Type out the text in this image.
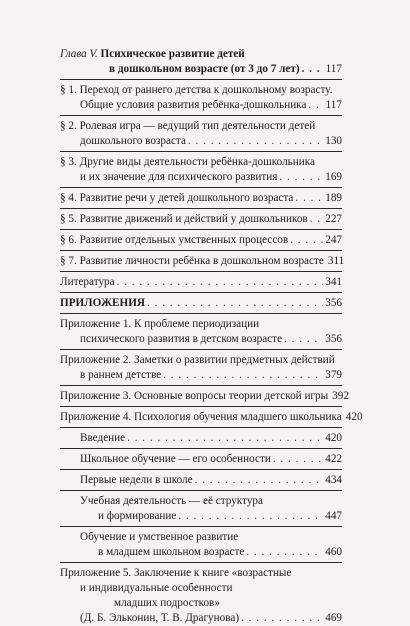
Глава V. Психическое развитие детей
в дошкольном возрасте (от 3 до 7 лет) . . . 117
§ 1. Переход от раннего детства к дошкольному возрасту.
Общие условия развития ребёнка-дошкольника . . . 117
§ 2. Ролевая игра — ведущий тип деятельности детей
дошкольного возраста . . .	130
§ 3. Другие виды деятельности ребёнка-дошкольника
и их значение для психического развития . . .	169
§ 4. Развитие речи у детей дошкольного возраста . . .	189
§ 5. Развитие движений и действий у дошкольников . . . 227
§ 6. Развитие отдельных умственных процессов . . .	247
§ 7. Развитие личности ребёнка в дошкольном возрасте 311
Литература . . .	341
ПРИЛОЖЕНИЯ . . .	356
Приложение 1. К проблеме периодизации
психического развития в детском возрасте . . .	356
Приложение 2. Заметки о развитии предметных действий
в раннем детстве . . .	379
Приложение 3. Основные вопросы теории детской игры 392
Приложение 4. Психология обучения младшего школьника 420
Введение . . .	420
Школьное обучение — его особенности . . .	422
Первые недели в школе . . .	434
Учебная деятельность — её структура
и формирование . . .	447
Обучение и умственное развитие
в младшем школьном возрасте . . .	460
Приложение 5. Заключение к книге «возрастные
и индивидуальные особенности
младших подростков»
(Д. Б. Эльконин, Т. В. Драгунова) . . .	469
